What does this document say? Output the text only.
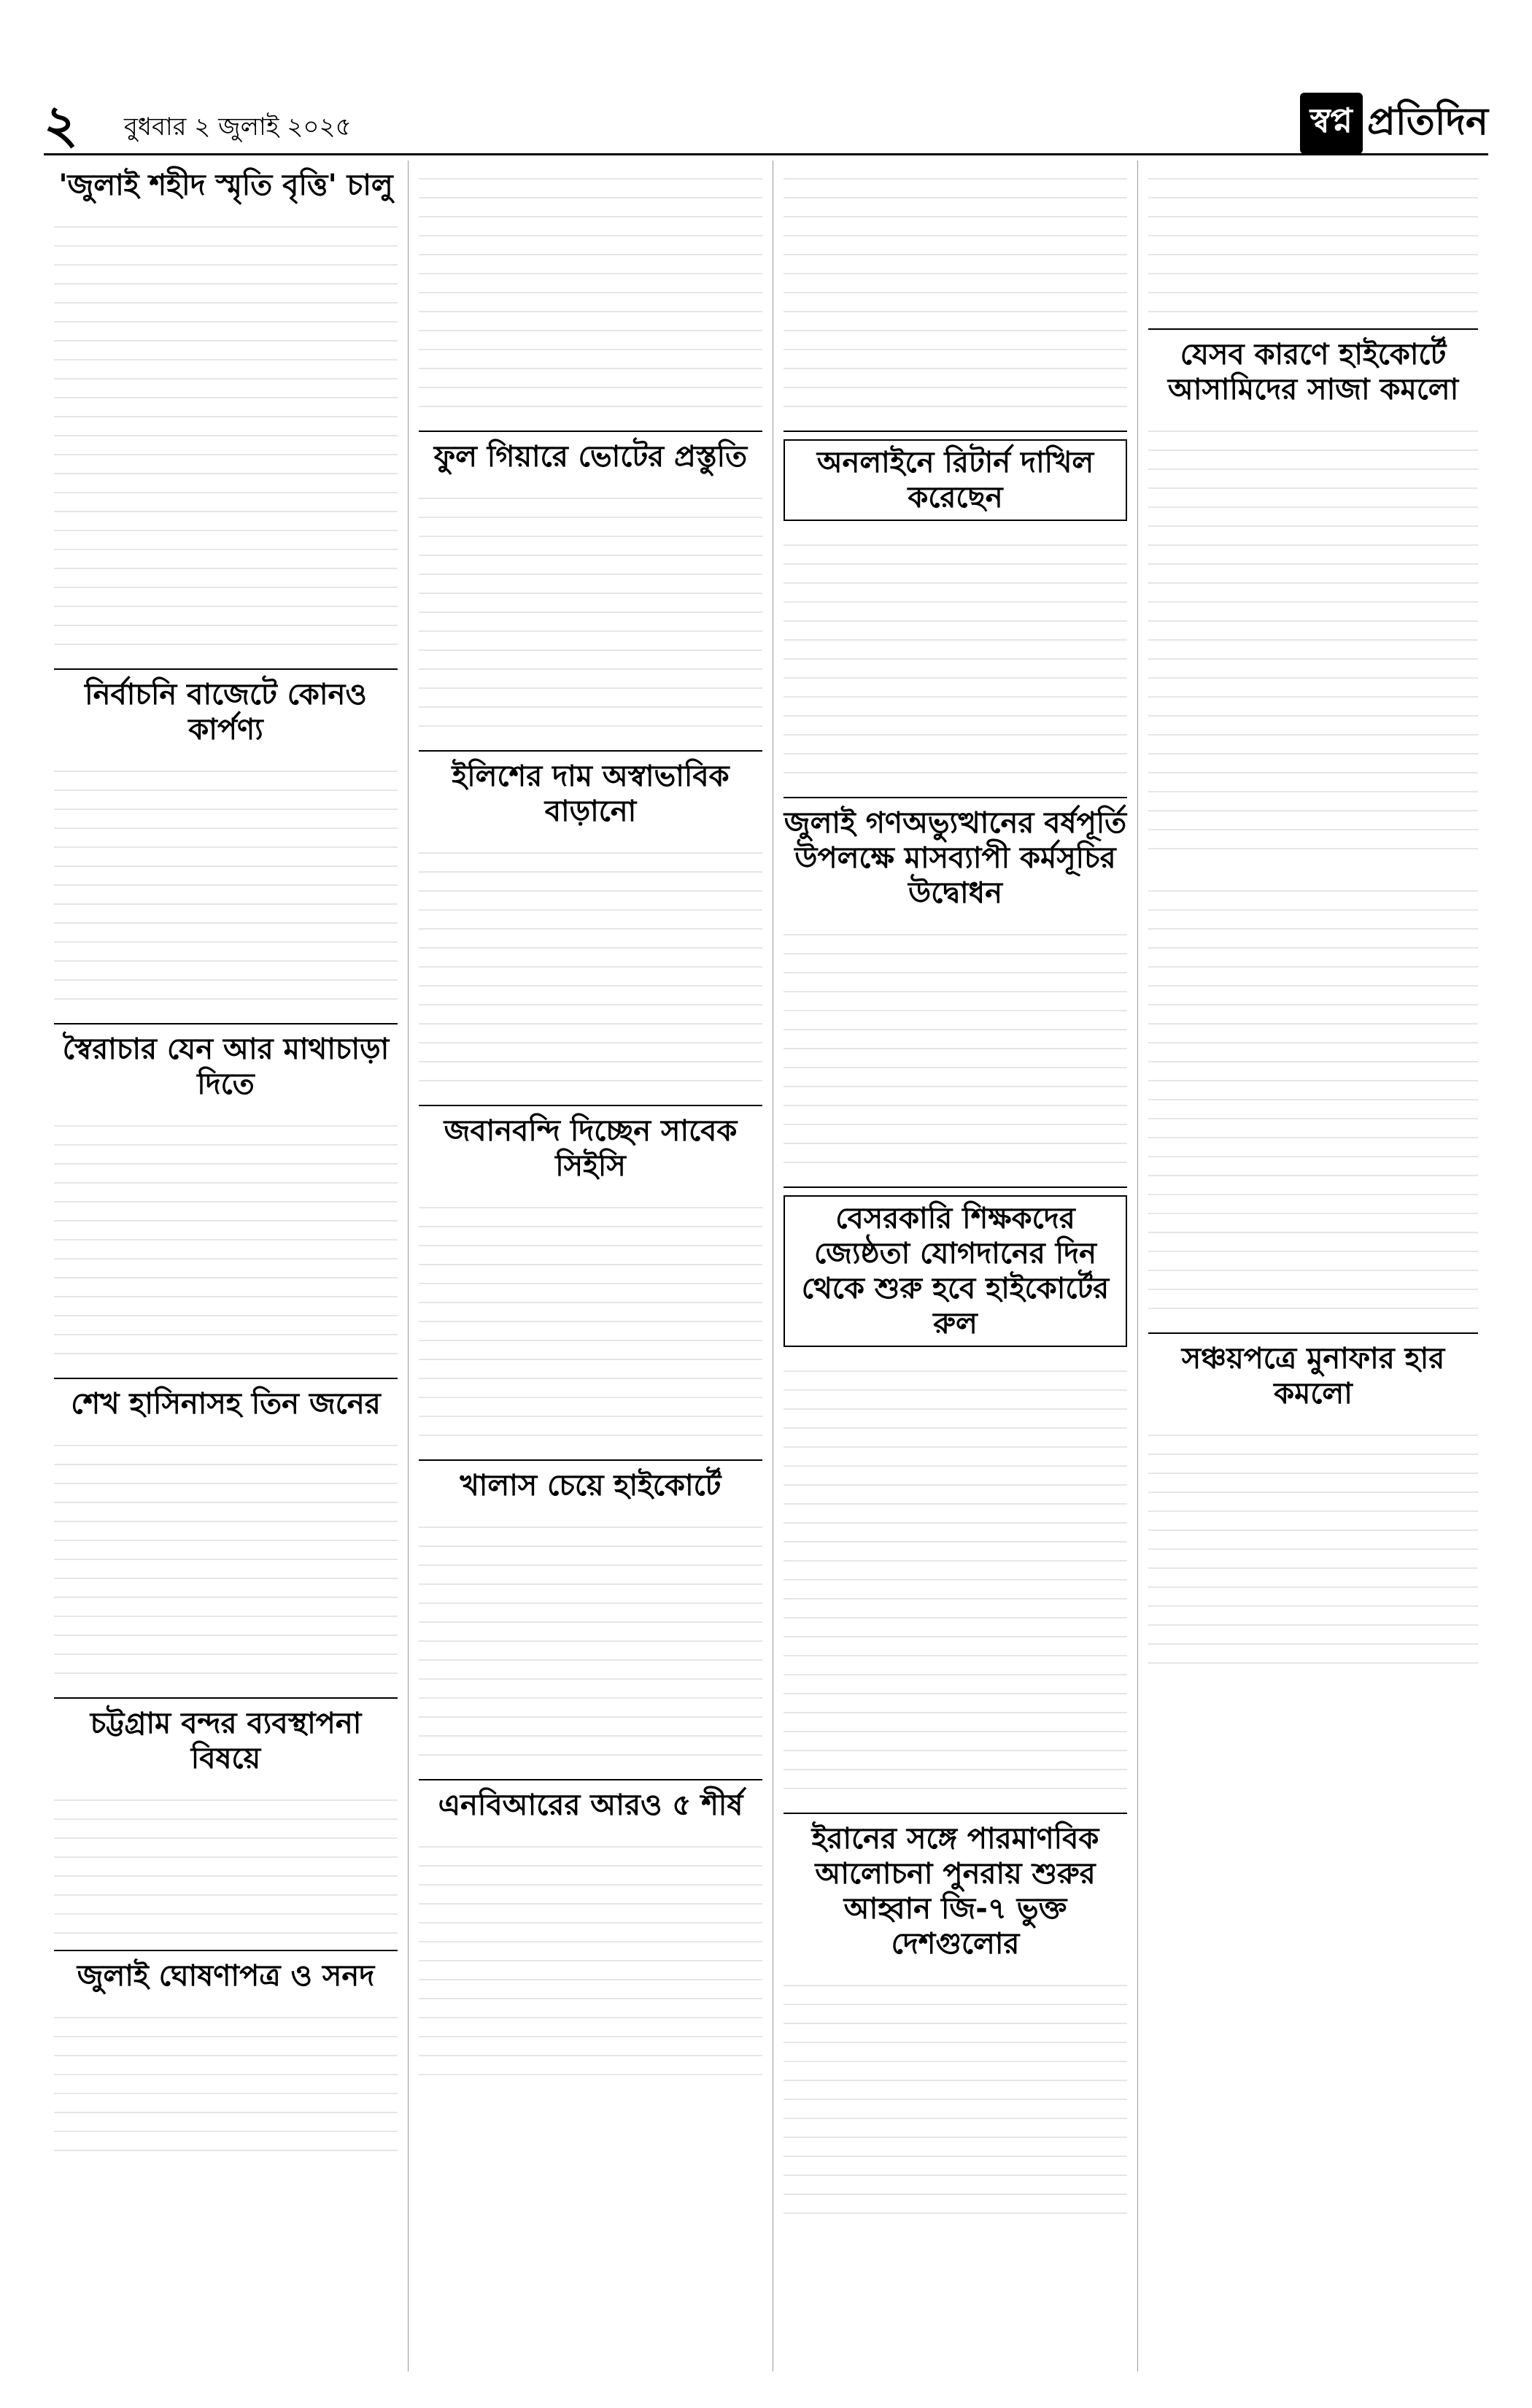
২ বুধবার ২ জুলাই ২০২৫	স্বপ্ন প্রতিদিন
'জুলাই শহীদ স্মৃতি বৃত্তি' চালু
নির্বাচনি বাজেটে কোনও কার্পণ্য
স্বৈরাচার যেন আর মাথাচাড়া দিতে
শেখ হাসিনাসহ তিন জনের
চট্টগ্রাম বন্দর ব্যবস্থাপনা বিষয়ে
জুলাই ঘোষণাপত্র ও সনদ
ফুল গিয়ারে ভোটের প্রস্তুতি
ইলিশের দাম অস্বাভাবিক বাড়ানো
জবানবন্দি দিচ্ছেন সাবেক সিইসি
খালাস চেয়ে হাইকোর্টে
এনবিআরের আরও ৫ শীর্ষ
অনলাইনে রিটার্ন দাখিল করেছেন
জুলাই গণঅভ্যুত্থানের বর্ষপূর্তি উপলক্ষে মাসব্যাপী কর্মসূচির উদ্বোধন
বেসরকারি শিক্ষকদের জ্যেষ্ঠতা যোগদানের দিন থেকে শুরু হবে হাইকোর্টের রুল
ইরানের সঙ্গে পারমাণবিক আলোচনা পুনরায় শুরুর আহ্বান জি-৭ ভুক্ত দেশগুলোর
যেসব কারণে হাইকোর্টে আসামিদের সাজা কমলো
সঞ্চয়পত্রে মুনাফার হার কমলো
